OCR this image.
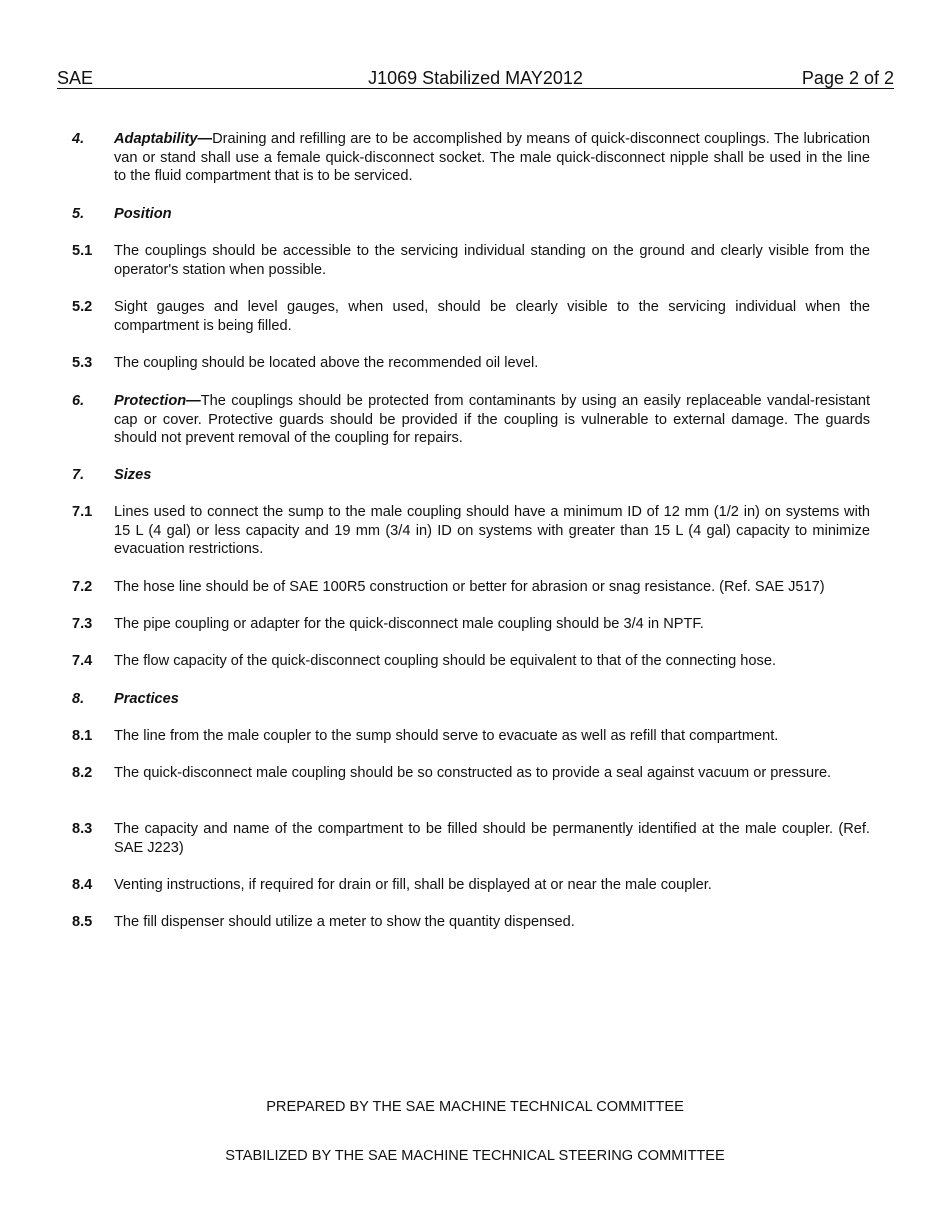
SAE	J1069 Stabilized MAY2012	Page 2 of 2
4. Adaptability—Draining and refilling are to be accomplished by means of quick-disconnect couplings. The lubrication van or stand shall use a female quick-disconnect socket. The male quick-disconnect nipple shall be used in the line to the fluid compartment that is to be serviced.
5. Position
5.1 The couplings should be accessible to the servicing individual standing on the ground and clearly visible from the operator's station when possible.
5.2 Sight gauges and level gauges, when used, should be clearly visible to the servicing individual when the compartment is being filled.
5.3 The coupling should be located above the recommended oil level.
6. Protection—The couplings should be protected from contaminants by using an easily replaceable vandal-resistant cap or cover. Protective guards should be provided if the coupling is vulnerable to external damage. The guards should not prevent removal of the coupling for repairs.
7. Sizes
7.1 Lines used to connect the sump to the male coupling should have a minimum ID of 12 mm (1/2 in) on systems with 15 L (4 gal) or less capacity and 19 mm (3/4 in) ID on systems with greater than 15 L (4 gal) capacity to minimize evacuation restrictions.
7.2 The hose line should be of SAE 100R5 construction or better for abrasion or snag resistance. (Ref. SAE J517)
7.3 The pipe coupling or adapter for the quick-disconnect male coupling should be 3/4 in NPTF.
7.4 The flow capacity of the quick-disconnect coupling should be equivalent to that of the connecting hose.
8. Practices
8.1 The line from the male coupler to the sump should serve to evacuate as well as refill that compartment.
8.2 The quick-disconnect male coupling should be so constructed as to provide a seal against vacuum or pressure.
8.3 The capacity and name of the compartment to be filled should be permanently identified at the male coupler. (Ref. SAE J223)
8.4 Venting instructions, if required for drain or fill, shall be displayed at or near the male coupler.
8.5 The fill dispenser should utilize a meter to show the quantity dispensed.
PREPARED BY THE SAE MACHINE TECHNICAL COMMITTEE
STABILIZED BY THE SAE MACHINE TECHNICAL STEERING COMMITTEE
